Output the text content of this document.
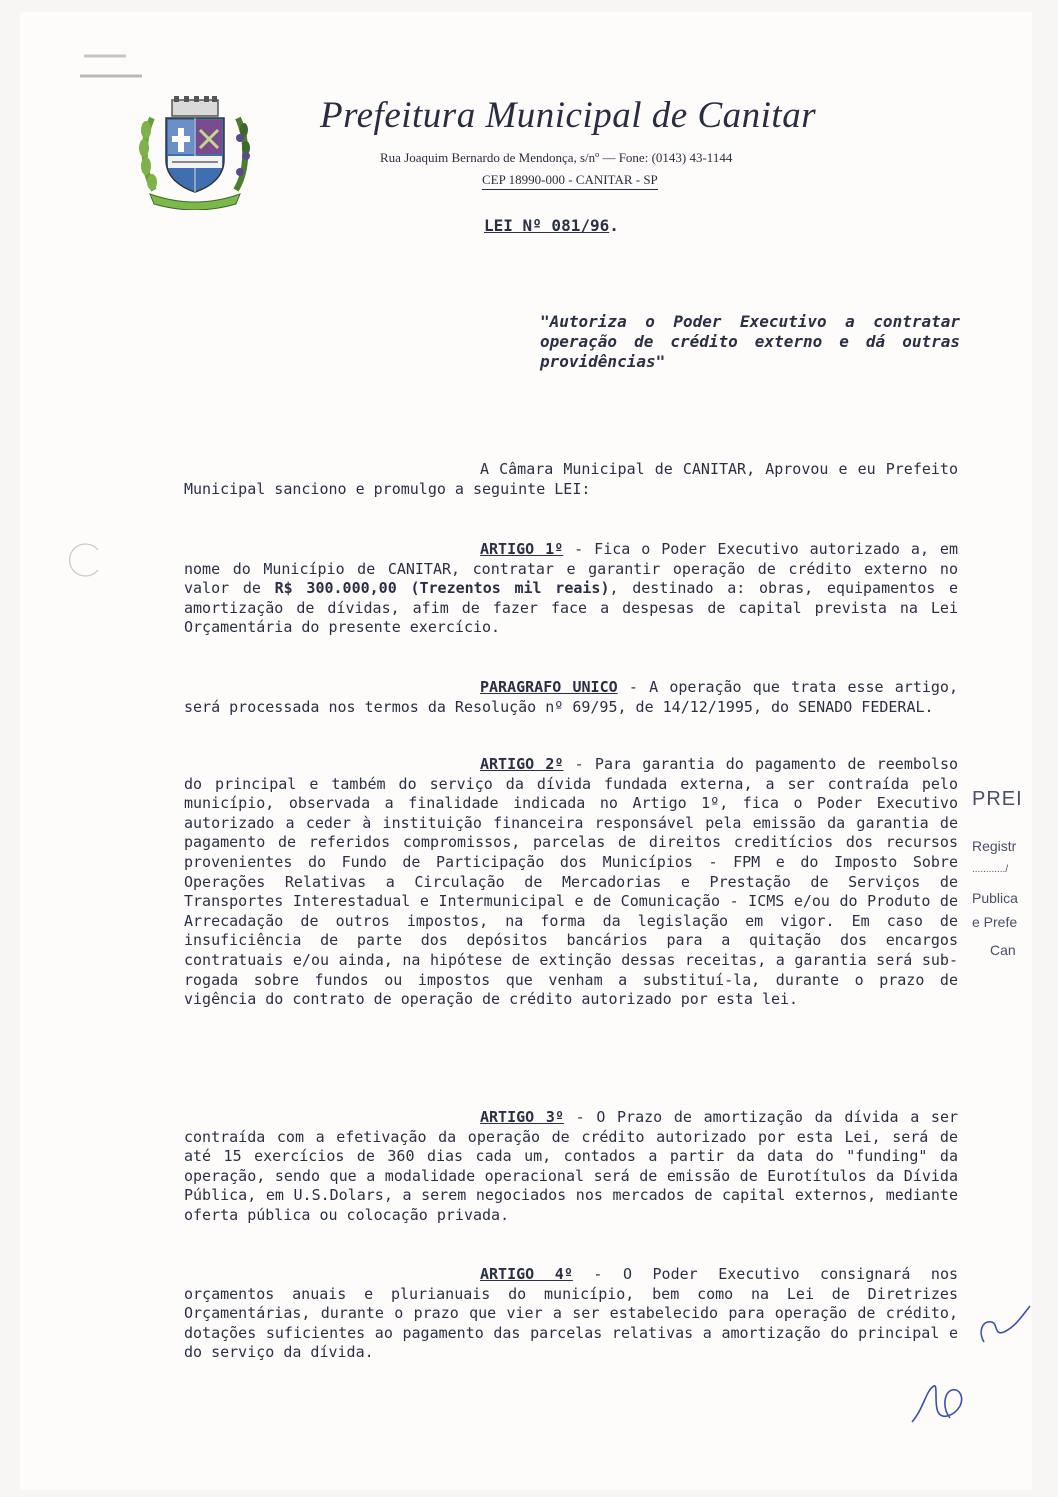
Prefeitura Municipal de Canitar
Rua Joaquim Bernardo de Mendonça, s/nº — Fone: (0143) 43-1144
CEP 18990-000 - CANITAR - SP
LEI Nº 081/96.
"Autoriza o Poder Executivo a contratar operação de crédito externo e dá outras providências"
A Câmara Municipal de CANITAR, Aprovou e eu Prefeito Municipal sanciono e promulgo a seguinte LEI:
ARTIGO 1º - Fica o Poder Executivo autorizado a, em nome do Município de CANITAR, contratar e garantir operação de crédito externo no valor de R$ 300.000,00 (Trezentos mil reais), destinado a: obras, equipamentos e amortização de dívidas, afim de fazer face a despesas de capital prevista na Lei Orçamentária do presente exercício.
PARAGRAFO UNICO - A operação que trata esse artigo, será processada nos termos da Resolução nº 69/95, de 14/12/1995, do SENADO FEDERAL.
ARTIGO 2º - Para garantia do pagamento de reembolso do principal e também do serviço da dívida fundada externa, a ser contraída pelo município, observada a finalidade indicada no Artigo 1º, fica o Poder Executivo autorizado a ceder à instituição financeira responsável pela emissão da garantia de pagamento de referidos compromissos, parcelas de direitos creditícios dos recursos provenientes do Fundo de Participação dos Municípios - FPM e do Imposto Sobre Operações Relativas a Circulação de Mercadorias e Prestação de Serviços de Transportes Interestadual e Intermunicipal e de Comunicação - ICMS e/ou do Produto de Arrecadação de outros impostos, na forma da legislação em vigor. Em caso de insuficiência de parte dos depósitos bancários para a quitação dos encargos contratuais e/ou ainda, na hipótese de extinção dessas receitas, a garantia será sub-rogada sobre fundos ou impostos que venham a substituí-la, durante o prazo de vigência do contrato de operação de crédito autorizado por esta lei.
ARTIGO 3º - O Prazo de amortização da dívida a ser contraída com a efetivação da operação de crédito autorizado por esta Lei, será de até 15 exercícios de 360 dias cada um, contados a partir da data do "funding" da operação, sendo que a modalidade operacional será de emissão de Eurotítulos da Dívida Pública, em U.S.Dolars, a serem negociados nos mercados de capital externos, mediante oferta pública ou colocação privada.
ARTIGO 4º - O Poder Executivo consignará nos orçamentos anuais e plurianuais do município, bem como na Lei de Diretrizes Orçamentárias, durante o prazo que vier a ser estabelecido para operação de crédito, dotações suficientes ao pagamento das parcelas relativas a amortização do principal e do serviço da dívida.
PREI
Registr
............/
Publica
e Prefe
Can
